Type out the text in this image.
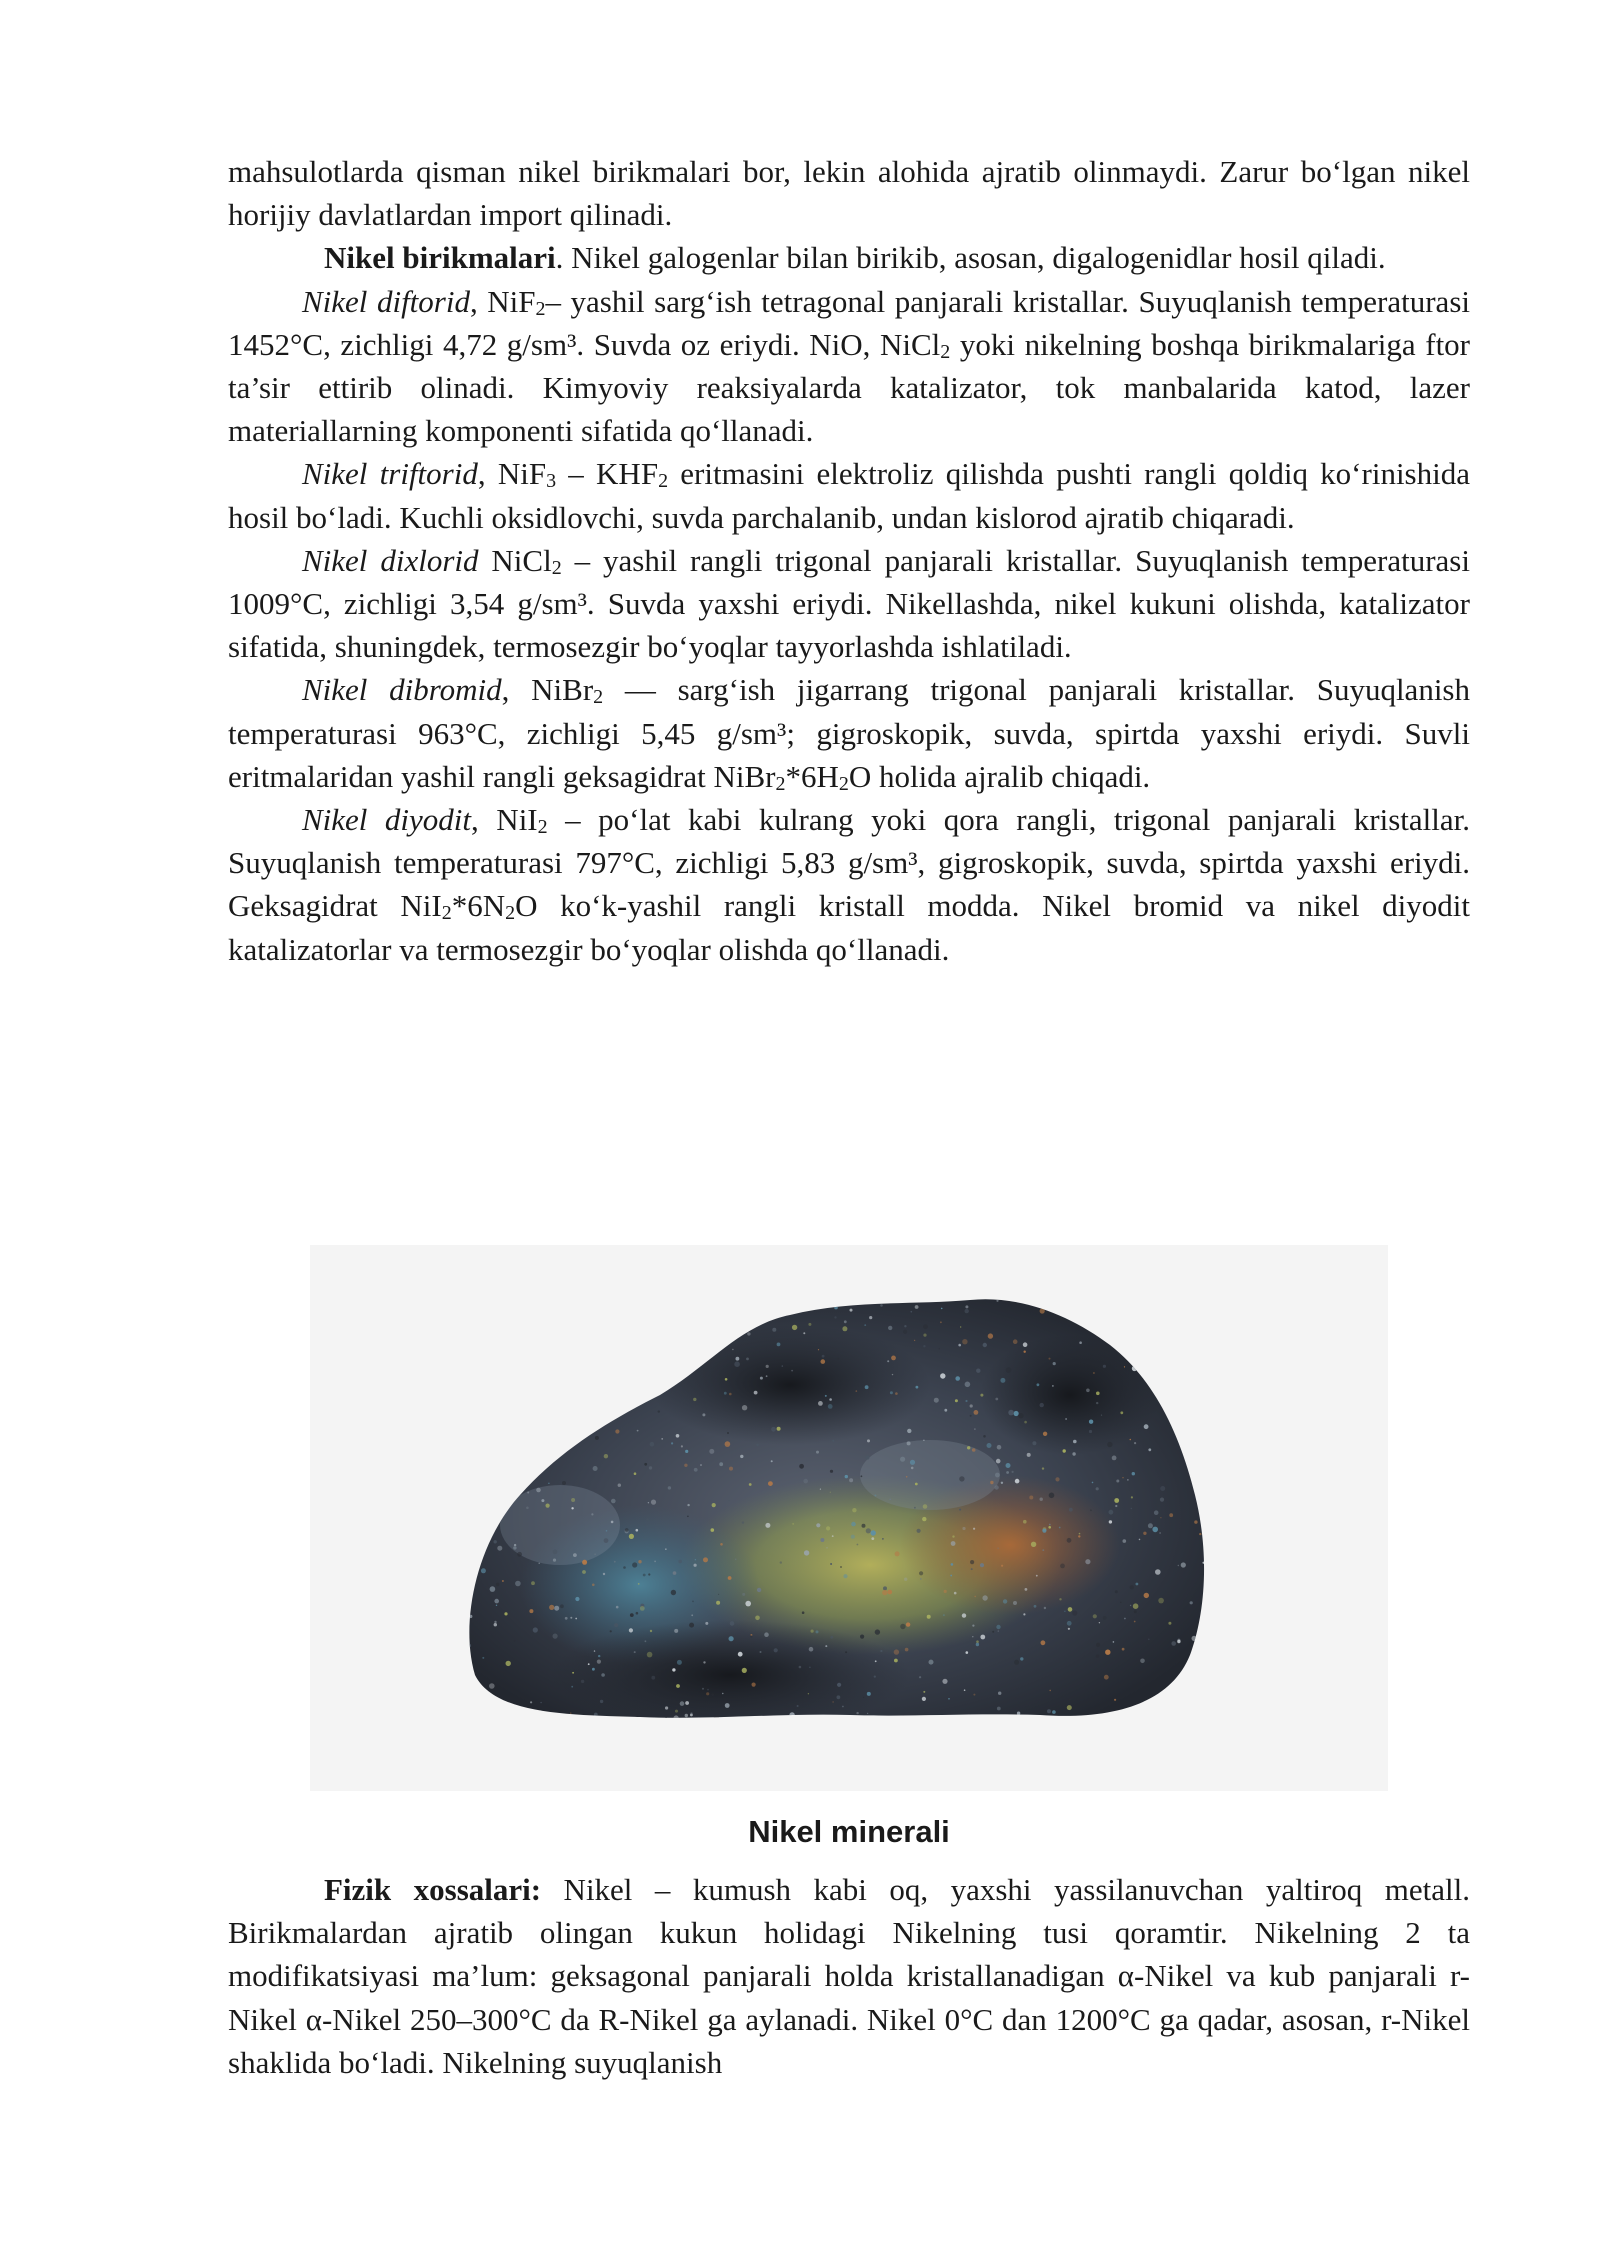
mahsulotlarda qisman nikel birikmalari bor, lekin alohida ajratib olinmaydi. Zarur bo‘lgan nikel horijiy davlatlardan import qilinadi.

Nikel birikmalari. Nikel galogenlar bilan birikib, asosan, digalogenidlar hosil qiladi.

Nikel diftorid, NiF$_2$– yashil sarg‘ish tetragonal panjarali kristallar. Suyuqlanish temperaturasi 1452°C, zichligi 4,72 g/sm³. Suvda oz eriydi. NiO, NiCl$_2$ yoki nikelning boshqa birikmalariga ftor ta’sir ettirib olinadi. Kimyoviy reaksiyalarda katalizator, tok manbalarida katod, lazer materiallarning komponenti sifatida qo‘llanadi.

Nikel triftorid, $NiF_3 - KHF_2$ eritmasini elektroliz qilishda pushti rangli qoldiq ko‘rinishida hosil bo‘ladi. Kuchli oksidlovchi, suvda parchalanib, undan kislorod ajratib chiqaradi.

Nikel dixlorid NiCl$_2$ – yashil rangli trigonal panjarali kristallar. Suyuqlanish temperaturasi 1009°C, zichligi 3,54 g/sm³. Suvda yaxshi eriydi. Nikellashda, nikel kukuni olishda, katalizator sifatida, shuningdek, termosezgir bo‘yoqlar tayyorlashda ishlatiladi.

Nikel dibromid, NiBr$_2$ — sarg‘ish jigarrang trigonal panjarali kristallar. Suyuqlanish temperaturasi 963°C, zichligi 5,45 g/sm³; gigroskopik, suvda, spirtda yaxshi eriydi. Suvli eritmalaridan yashil rangli geksagidrat $NiBr_2*6H_2O$ holida ajralib chiqadi.

Nikel diyodit, NiI$_2$ – po‘lat kabi kulrang yoki qora rangli, trigonal panjarali kristallar. Suyuqlanish temperaturasi 797°C, zichligi 5,83 g/sm³, gigroskopik, suvda, spirtda yaxshi eriydi. Geksagidrat $NiI_2*6N_2O$ ko‘k-yashil rangli kristall modda. Nikel bromid va nikel diyodit katalizatorlar va termosezgir bo‘yoqlar olishda qo‘llanadi.

Nikel minerali

Fizik xossalari: Nikel – kumush kabi oq, yaxshi yassilanuvchan yaltiroq metall. Birikmalardan ajratib olingan kukun holidagi Nikelning tusi qoramtir. Nikelning 2 ta modifikatsiyasi ma’lum: geksagonal panjarali holda kristallanadigan α-Nikel va kub panjarali r-Nikel α-Nikel 250–300°C da R-Nikel ga aylanadi. Nikel 0°C dan 1200°C ga qadar, asosan, r-Nikel shaklida bo‘ladi. Nikelning suyuqlanish
